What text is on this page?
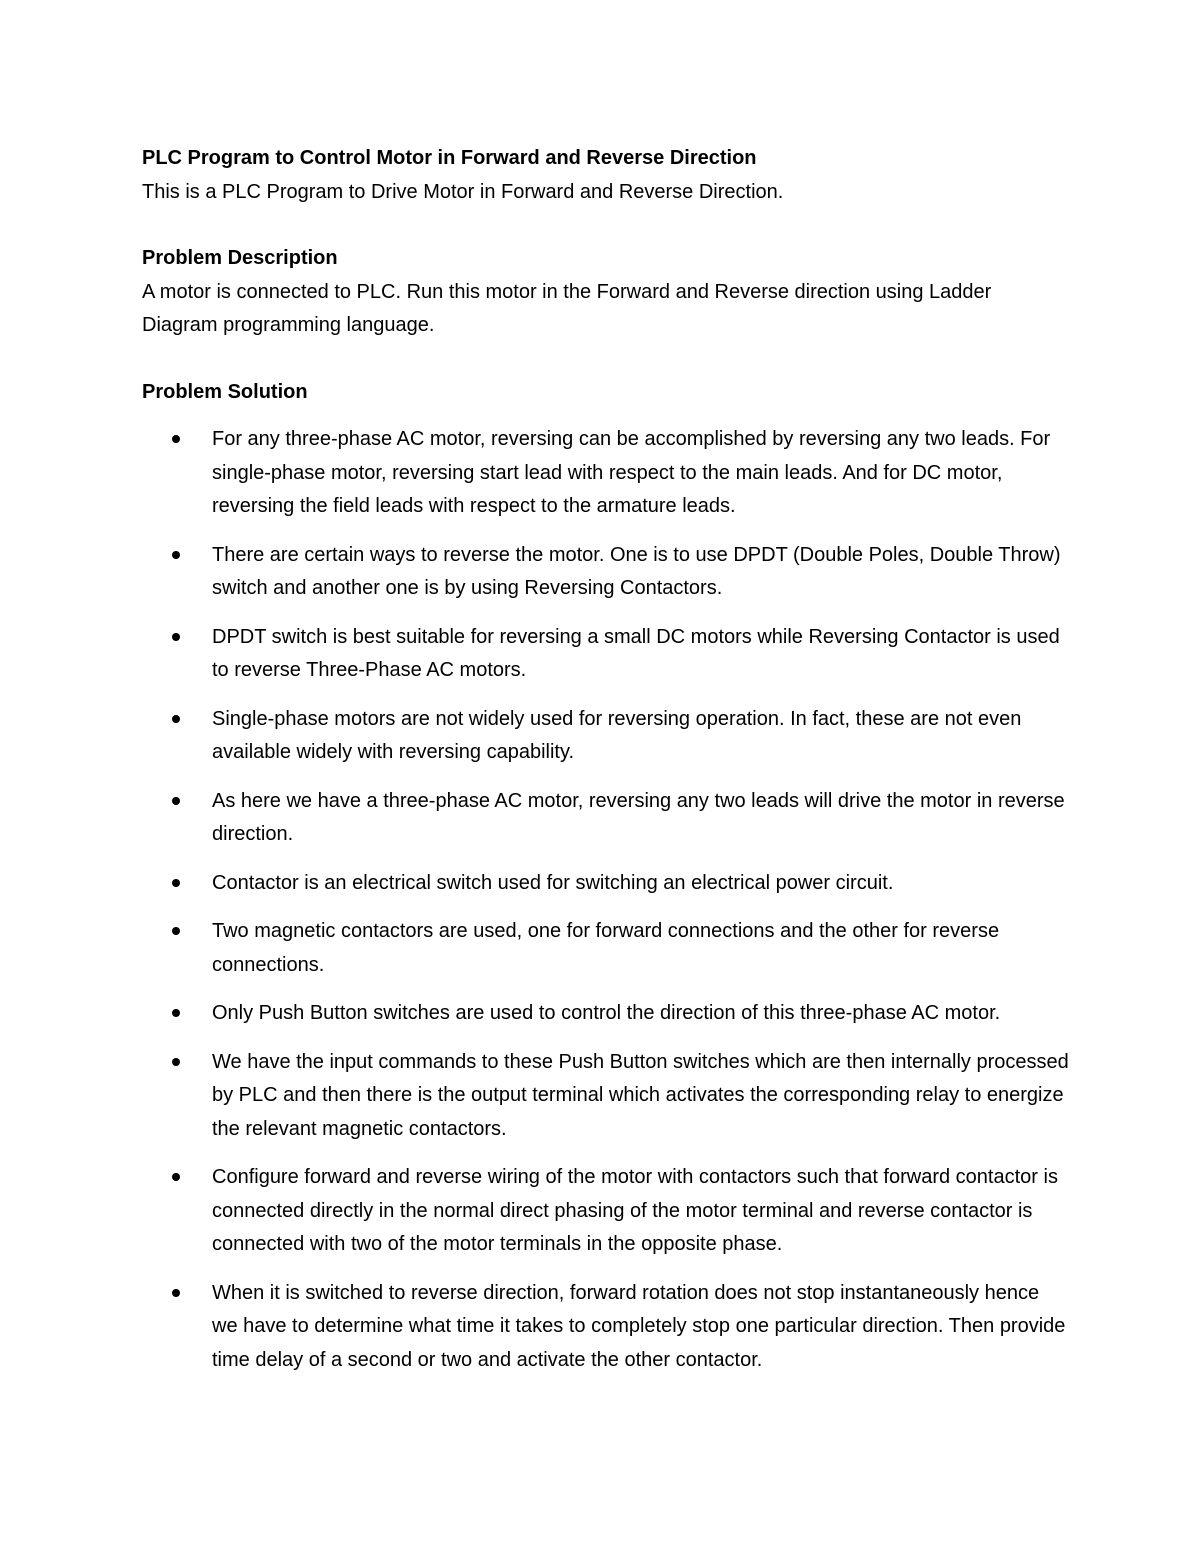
PLC Program to Control Motor in Forward and Reverse Direction

This is a PLC Program to Drive Motor in Forward and Reverse Direction.

Problem Description

A motor is connected to PLC. Run this motor in the Forward and Reverse direction using Ladder Diagram programming language.

Problem Solution

For any three-phase AC motor, reversing can be accomplished by reversing any two leads. For single-phase motor, reversing start lead with respect to the main leads. And for DC motor, reversing the field leads with respect to the armature leads.
There are certain ways to reverse the motor. One is to use DPDT (Double Poles, Double Throw) switch and another one is by using Reversing Contactors.
DPDT switch is best suitable for reversing a small DC motors while Reversing Contactor is used to reverse Three-Phase AC motors.
Single-phase motors are not widely used for reversing operation. In fact, these are not even available widely with reversing capability.
As here we have a three-phase AC motor, reversing any two leads will drive the motor in reverse direction.
Contactor is an electrical switch used for switching an electrical power circuit.
Two magnetic contactors are used, one for forward connections and the other for reverse connections.
Only Push Button switches are used to control the direction of this three-phase AC motor.
We have the input commands to these Push Button switches which are then internally processed by PLC and then there is the output terminal which activates the corresponding relay to energize the relevant magnetic contactors.
Configure forward and reverse wiring of the motor with contactors such that forward contactor is connected directly in the normal direct phasing of the motor terminal and reverse contactor is connected with two of the motor terminals in the opposite phase.
When it is switched to reverse direction, forward rotation does not stop instantaneously hence we have to determine what time it takes to completely stop one particular direction. Then provide time delay of a second or two and activate the other contactor.
